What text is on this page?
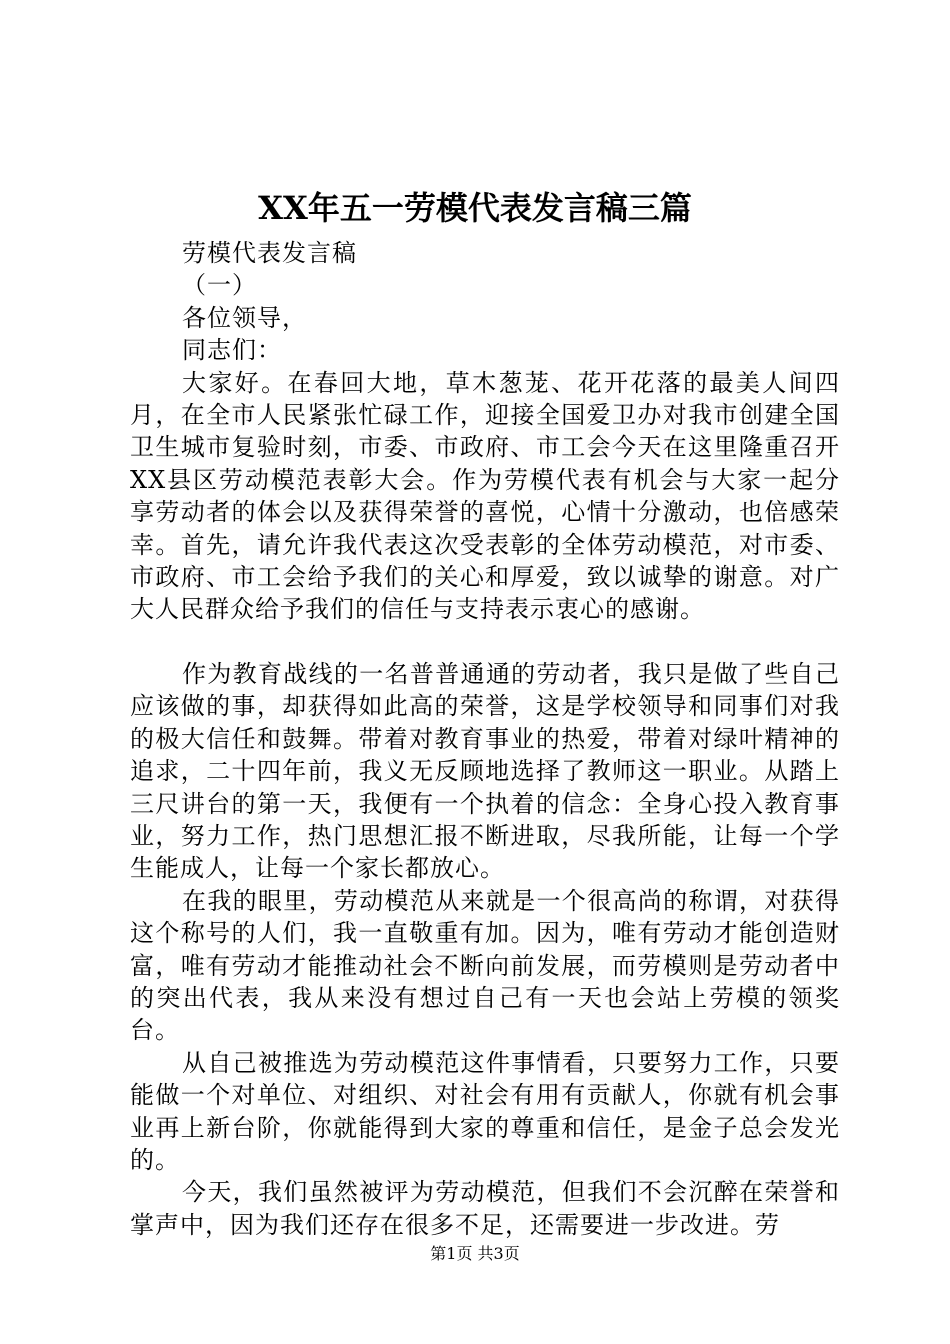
XX年五一劳模代表发言稿三篇

劳模代表发言稿

（一）

各位领导，

同志们：

大家好。在春回大地，草木葱茏、花开花落的最美人间四月，在全市人民紧张忙碌工作，迎接全国爱卫办对我市创建全国卫生城市复验时刻，市委、市政府、市工会今天在这里隆重召开XX县区劳动模范表彰大会。作为劳模代表有机会与大家一起分享劳动者的体会以及获得荣誉的喜悦，心情十分激动，也倍感荣幸。首先，请允许我代表这次受表彰的全体劳动模范，对市委、市政府、市工会给予我们的关心和厚爱，致以诚挚的谢意。对广大人民群众给予我们的信任与支持表示衷心的感谢。

作为教育战线的一名普普通通的劳动者，我只是做了些自己应该做的事，却获得如此高的荣誉，这是学校领导和同事们对我的极大信任和鼓舞。带着对教育事业的热爱，带着对绿叶精神的追求，二十四年前，我义无反顾地选择了教师这一职业。从踏上三尺讲台的第一天，我便有一个执着的信念：全身心投入教育事业，努力工作，热门思想汇报不断进取，尽我所能，让每一个学生能成人，让每一个家长都放心。

在我的眼里，劳动模范从来就是一个很高尚的称谓，对获得这个称号的人们，我一直敬重有加。因为，唯有劳动才能创造财富，唯有劳动才能推动社会不断向前发展，而劳模则是劳动者中的突出代表，我从来没有想过自己有一天也会站上劳模的领奖台。

从自己被推选为劳动模范这件事情看，只要努力工作，只要能做一个对单位、对组织、对社会有用有贡献人，你就有机会事业再上新台阶，你就能得到大家的尊重和信任，是金子总会发光的。

今天，我们虽然被评为劳动模范，但我们不会沉醉在荣誉和掌声中，因为我们还存在很多不足，还需要进一步改进。劳

第1页 共3页
